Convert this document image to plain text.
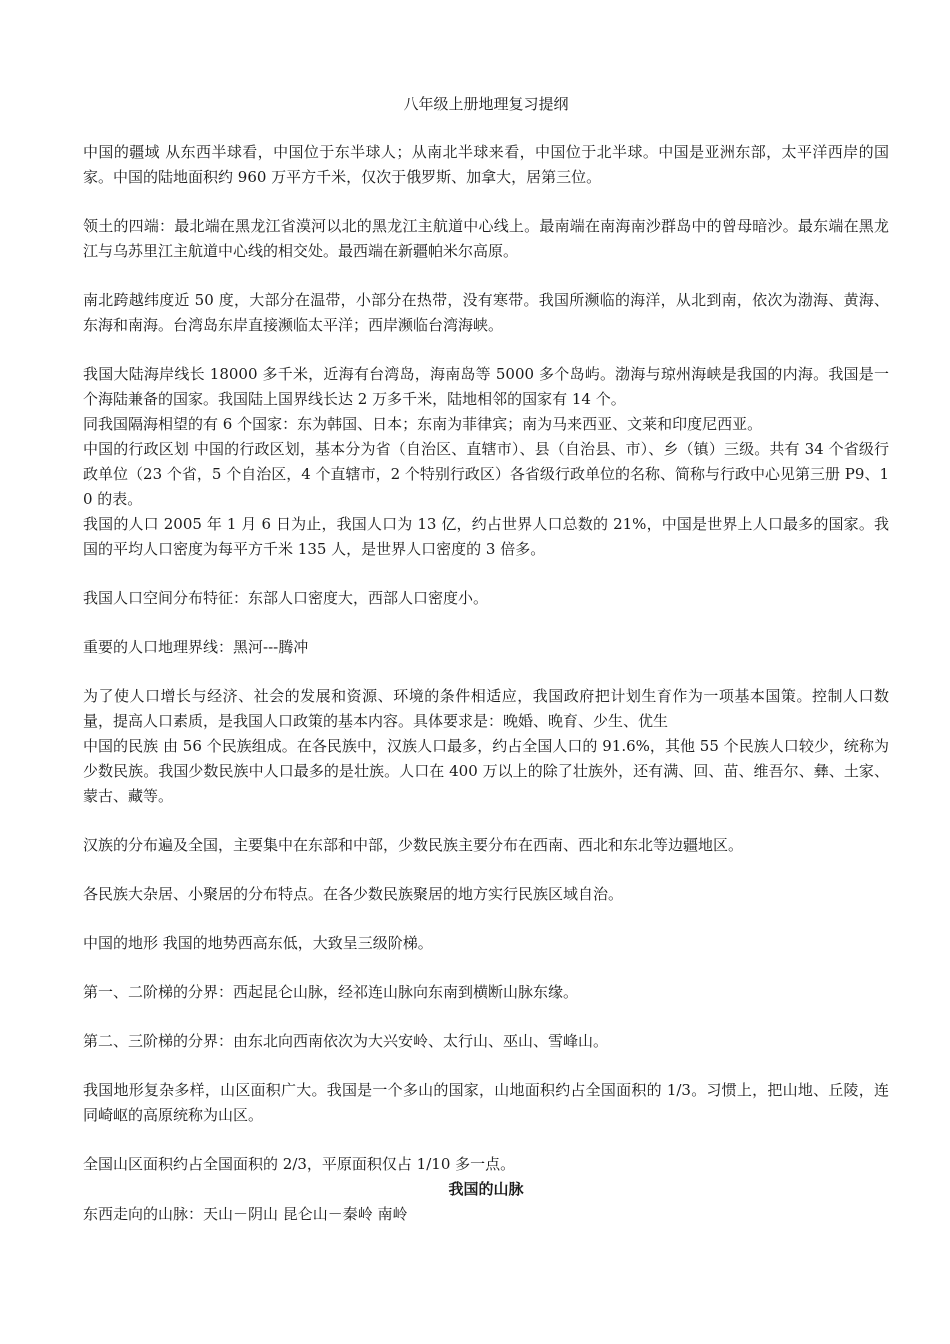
八年级上册地理复习提纲

中国的疆域 从东西半球看，中国位于东半球人；从南北半球来看，中国位于北半球。中国是亚洲东部，太平洋西岸的国家。中国的陆地面积约 960 万平方千米，仅次于俄罗斯、加拿大，居第三位。

领土的四端：最北端在黑龙江省漠河以北的黑龙江主航道中心线上。最南端在南海南沙群岛中的曾母暗沙。最东端在黑龙江与乌苏里江主航道中心线的相交处。最西端在新疆帕米尔高原。

南北跨越纬度近 50 度，大部分在温带，小部分在热带，没有寒带。我国所濒临的海洋，从北到南，依次为渤海、黄海、东海和南海。台湾岛东岸直接濒临太平洋；西岸濒临台湾海峡。

我国大陆海岸线长 18000 多千米，近海有台湾岛，海南岛等 5000 多个岛屿。渤海与琼州海峡是我国的内海。我国是一个海陆兼备的国家。我国陆上国界线长达 2 万多千米，陆地相邻的国家有 14 个。

同我国隔海相望的有 6 个国家：东为韩国、日本；东南为菲律宾；南为马来西亚、文莱和印度尼西亚。

中国的行政区划 中国的行政区划，基本分为省（自治区、直辖市）、县（自治县、市）、乡（镇）三级。共有 34 个省级行政单位（23 个省，5 个自治区，4 个直辖市，2 个特别行政区）各省级行政单位的名称、简称与行政中心见第三册 P9、10 的表。

我国的人口 2005 年 1 月 6 日为止，我国人口为 13 亿，约占世界人口总数的 21%，中国是世界上人口最多的国家。我国的平均人口密度为每平方千米 135 人，是世界人口密度的 3 倍多。

我国人口空间分布特征：东部人口密度大，西部人口密度小。

重要的人口地理界线：黑河---腾冲

为了使人口增长与经济、社会的发展和资源、环境的条件相适应，我国政府把计划生育作为一项基本国策。控制人口数量，提高人口素质，是我国人口政策的基本内容。具体要求是：晚婚、晚育、少生、优生

中国的民族 由 56 个民族组成。在各民族中，汉族人口最多，约占全国人口的 91.6%，其他 55 个民族人口较少，统称为少数民族。我国少数民族中人口最多的是壮族。人口在 400 万以上的除了壮族外，还有满、回、苗、维吾尔、彝、土家、蒙古、藏等。

汉族的分布遍及全国，主要集中在东部和中部，少数民族主要分布在西南、西北和东北等边疆地区。

各民族大杂居、小聚居的分布特点。在各少数民族聚居的地方实行民族区域自治。

中国的地形 我国的地势西高东低，大致呈三级阶梯。

第一、二阶梯的分界：西起昆仑山脉，经祁连山脉向东南到横断山脉东缘。

第二、三阶梯的分界：由东北向西南依次为大兴安岭、太行山、巫山、雪峰山。

我国地形复杂多样，山区面积广大。我国是一个多山的国家，山地面积约占全国面积的 1/3。习惯上，把山地、丘陵，连同崎岖的高原统称为山区。

全国山区面积约占全国面积的 2/3，平原面积仅占 1/10 多一点。

我国的山脉

东西走向的山脉：天山－阴山 昆仑山－秦岭 南岭
